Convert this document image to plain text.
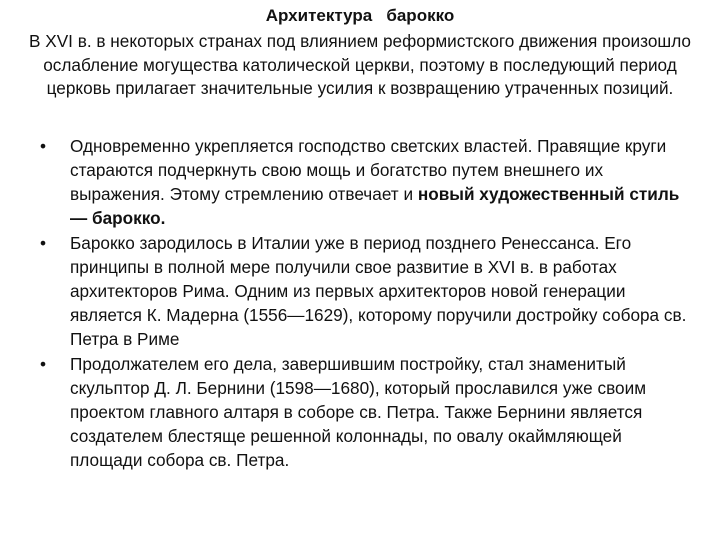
Архитектура   барокко
В XVI в. в некоторых странах под влиянием реформистского движения произошло ослабление могущества католической церкви, поэтому в последующий период церковь прилагает значительные усилия к возвращению утраченных позиций.
•	Одновременно укрепляется господство светских властей. Правящие круги стараются подчеркнуть свою мощь и богатство путем внешнего их выражения. Этому стремлению отвечает и новый художественный стиль — барокко.
•	Барокко зародилось в Италии уже в период позднего Ренессанса. Его принципы в полной мере получили свое развитие в XVI в. в работах архитекторов Рима. Одним из первых архитекторов новой генерации является К. Мадерна (1556—1629), которому поручили достройку собора св. Петра в Риме
•	Продолжателем его дела, завершившим постройку, стал знаменитый скульптор Д. Л. Бернини (1598—1680), который прославился уже своим проектом главного алтаря в соборе св. Петра. Также Бернини является создателем блестяще решенной колоннады, по овалу окаймляющей площади собора св. Петра.
